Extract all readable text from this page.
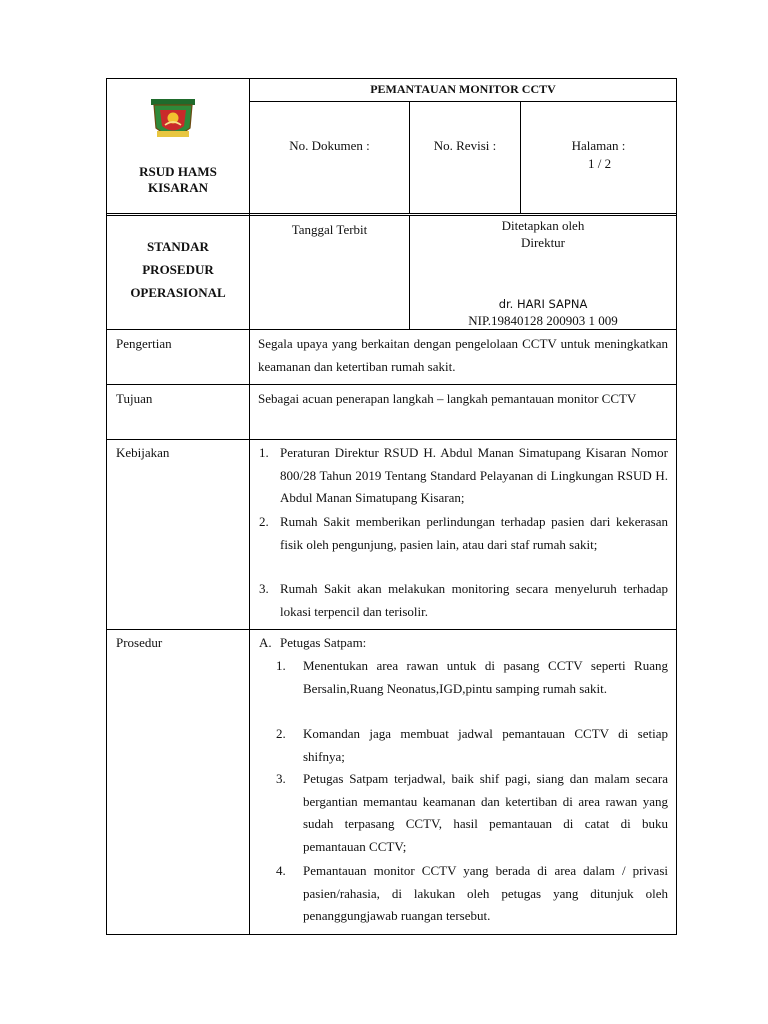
RSUD HAMS KISARAN
PEMANTAUAN MONITOR CCTV
No. Dokumen :	No. Revisi :	Halaman :
1 / 2
STANDAR
PROSEDUR
OPERASIONAL
Tanggal Terbit	Ditetapkan oleh
Direktur
dr. HARI SAPNA
NIP.19840128 200903 1 009
Pengertian	Segala upaya yang berkaitan dengan pengelolaan CCTV untuk meningkatkan keamanan dan ketertiban rumah sakit.
Tujuan	Sebagai acuan penerapan langkah – langkah pemantauan monitor CCTV
Kebijakan	1. Peraturan Direktur RSUD H. Abdul Manan Simatupang Kisaran Nomor 800/28 Tahun 2019 Tentang Standard Pelayanan di Lingkungan RSUD H. Abdul Manan Simatupang Kisaran;
2. Rumah Sakit memberikan perlindungan terhadap pasien dari kekerasan fisik oleh pengunjung, pasien lain, atau dari staf rumah sakit;
3. Rumah Sakit akan melakukan monitoring secara menyeluruh terhadap lokasi terpencil dan terisolir.
Prosedur	A. Petugas Satpam:
1. Menentukan area rawan untuk di pasang CCTV seperti Ruang Bersalin,Ruang Neonatus,IGD,pintu samping rumah sakit.
2. Komandan jaga membuat jadwal pemantauan CCTV di setiap shifnya;
3. Petugas Satpam terjadwal, baik shif pagi, siang dan malam secara bergantian memantau keamanan dan ketertiban di area rawan yang sudah terpasang CCTV, hasil pemantauan di catat di buku pemantauan CCTV;
4. Pemantauan monitor CCTV yang berada di area dalam / privasi pasien/rahasia, di lakukan oleh petugas yang ditunjuk oleh penanggungjawab ruangan tersebut.
